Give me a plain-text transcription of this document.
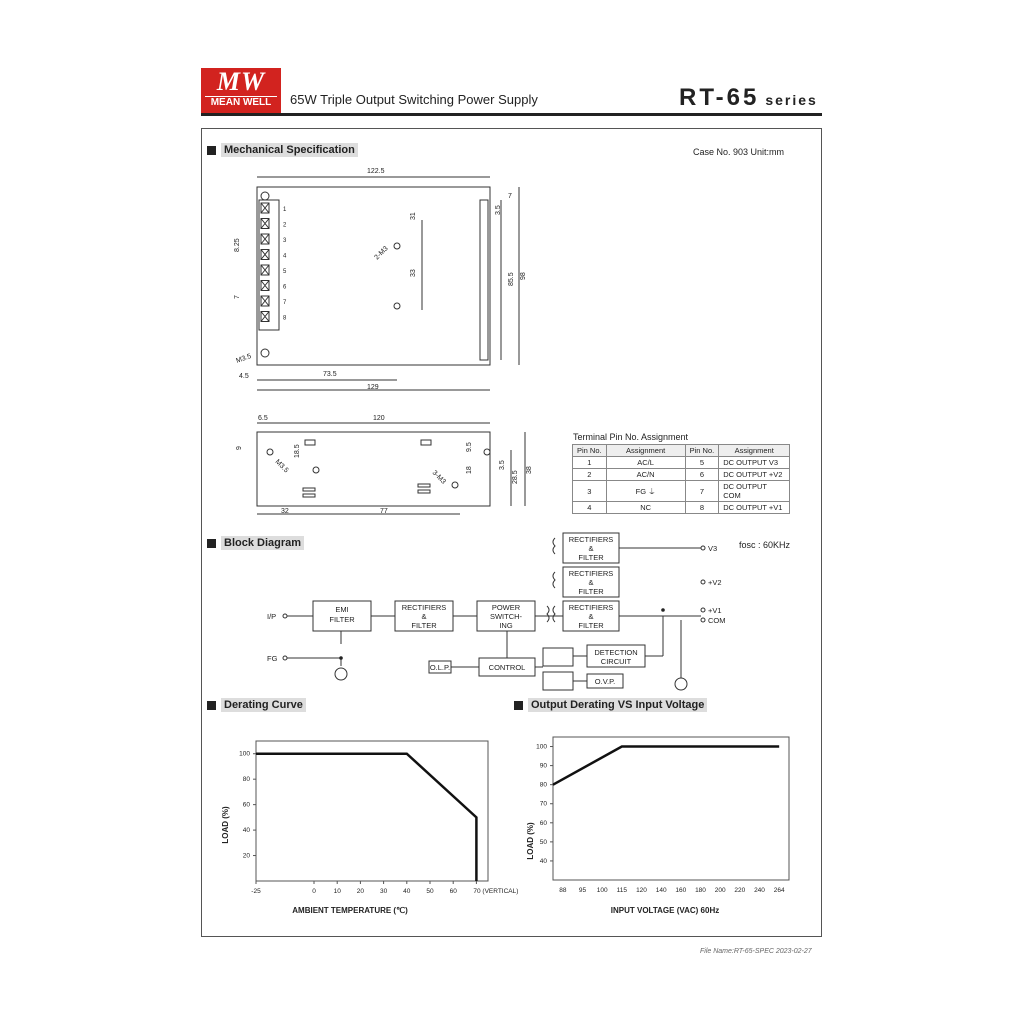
MW
MEAN WELL	65W Triple Output Switching Power Supply	RT-65 series
Mechanical Specification	Case No. 903 Unit:mm
Block Diagram
Derating Curve	Output Derating VS Input Voltage
1
2
3
4
5
6
7
8
122.5
31
3.5
7
2-M3
33	85.5 98
8.25
7
M3.5
4.5	73.5
129
6.5	120
9	18.5
M3.5
9.5
3.5
18
3-M3	28.5
38
32	77
Terminal Pin No. Assignment
Pin No.	Assignment	Pin No.	Assignment
1	AC/L	5	DC OUTPUT V3
2	AC/N	6	DC OUTPUT +V2
3	FG ⏚	7	DC OUTPUT COM
4	NC	8	DC OUTPUT +V1
EMI
FILTER
RECTIFIERS
&
FILTER
POWER
SWITCH-
ING
RECTIFIERS
&
FILTER
RECTIFIERS
&
FILTER
RECTIFIERS
&
FILTER
O.L.P.	CONTROL
DETECTION
CIRCUIT
O.V.P.
I/P
FG
V3
+V2
+V1
COM
fosc : 60KHz
-25	0	10 20 30 40 50 60	70 (VERTICAL)
20
40
60
80
100
LOAD (%)
AMBIENT TEMPERATURE (℃)
88 95 100 115 120 140 160 180 200 220 240 264
40
50
60
70
80
90
100
LOAD (%)
INPUT VOLTAGE (VAC) 60Hz
File Name:RT-65-SPEC 2023-02-27
